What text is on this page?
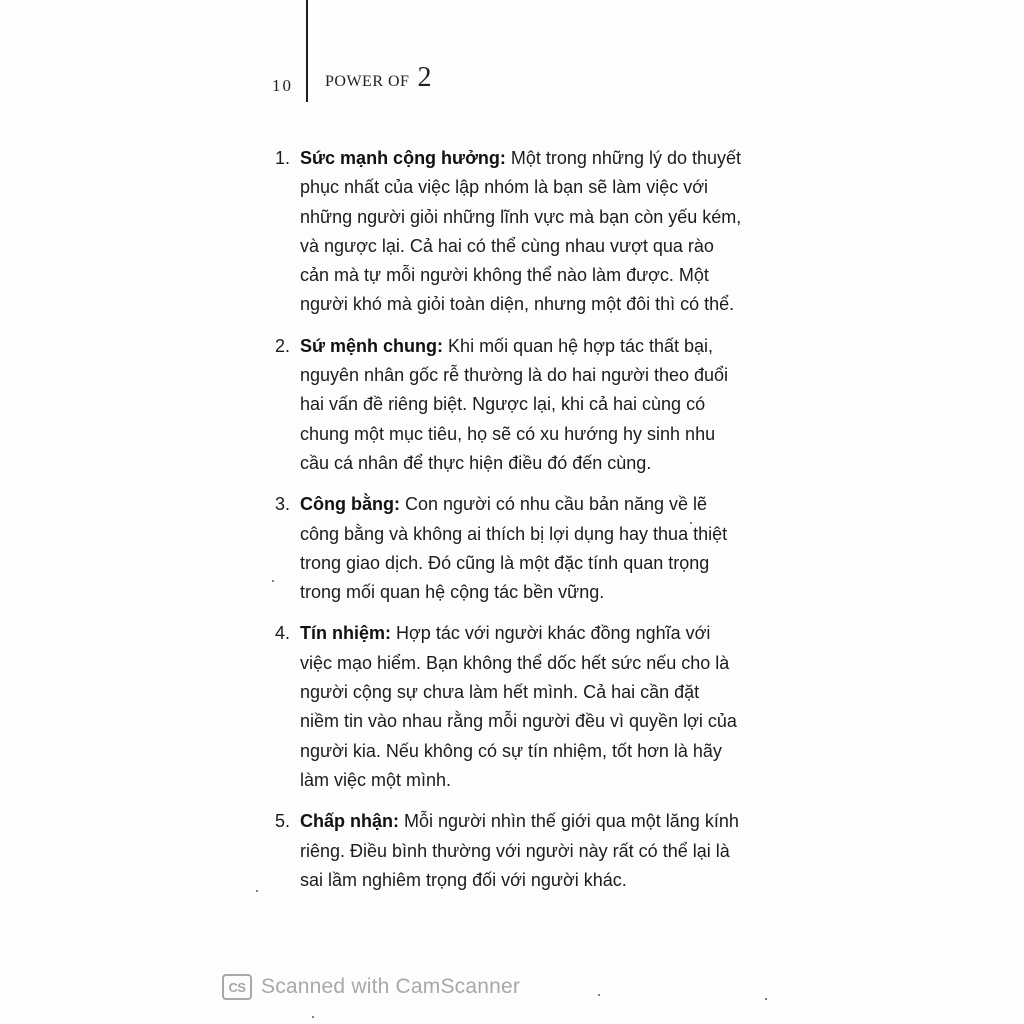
10 POWER OF 2
1. Sức mạnh cộng hưởng: Một trong những lý do thuyết phục nhất của việc lập nhóm là bạn sẽ làm việc với những người giỏi những lĩnh vực mà bạn còn yếu kém, và ngược lại. Cả hai có thể cùng nhau vượt qua rào cản mà tự mỗi người không thể nào làm được. Một người khó mà giỏi toàn diện, nhưng một đôi thì có thể.
2. Sứ mệnh chung: Khi mối quan hệ hợp tác thất bại, nguyên nhân gốc rễ thường là do hai người theo đuổi hai vấn đề riêng biệt. Ngược lại, khi cả hai cùng có chung một mục tiêu, họ sẽ có xu hướng hy sinh nhu cầu cá nhân để thực hiện điều đó đến cùng.
3. Công bằng: Con người có nhu cầu bản năng về lẽ công bằng và không ai thích bị lợi dụng hay thua thiệt trong giao dịch. Đó cũng là một đặc tính quan trọng trong mối quan hệ cộng tác bền vững.
4. Tín nhiệm: Hợp tác với người khác đồng nghĩa với việc mạo hiểm. Bạn không thể dốc hết sức nếu cho là người cộng sự chưa làm hết mình. Cả hai cần đặt niềm tin vào nhau rằng mỗi người đều vì quyền lợi của người kia. Nếu không có sự tín nhiệm, tốt hơn là hãy làm việc một mình.
5. Chấp nhận: Mỗi người nhìn thế giới qua một lăng kính riêng. Điều bình thường với người này rất có thể lại là sai lầm nghiêm trọng đối với người khác.
CS Scanned with CamScanner
